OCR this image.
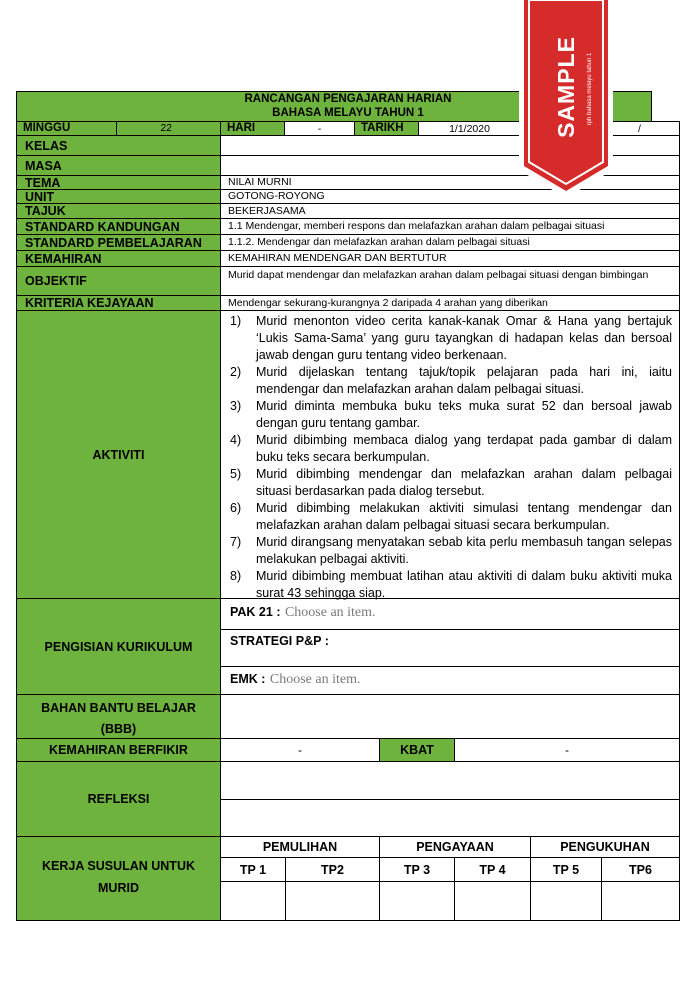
RANCANGAN PENGAJARAN HARIAN
BAHASA MELAYU TAHUN 1
MINGGU	22	HARI	-	TARIKH	1/1/2020	/
KELAS
MASA
TEMA	NILAI MURNI
UNIT	GOTONG-ROYONG
TAJUK	BEKERJASAMA
STANDARD KANDUNGAN	1.1 Mendengar, memberi respons dan melafazkan arahan dalam pelbagai situasi
STANDARD PEMBELAJARAN	1.1.2. Mendengar dan melafazkan arahan dalam pelbagai situasi
KEMAHIRAN	KEMAHIRAN MENDENGAR DAN BERTUTUR
OBJEKTIF	Murid dapat mendengar dan melafazkan arahan dalam pelbagai situasi dengan bimbingan
KRITERIA KEJAYAAN	Mendengar sekurang-kurangnya 2 daripada 4 arahan yang diberikan
AKTIVITI
1)	Murid menonton video cerita kanak-kanak Omar & Hana yang bertajuk ‘Lukis Sama-Sama’ yang guru tayangkan di hadapan kelas dan bersoal jawab dengan guru tentang video berkenaan.
2)	Murid dijelaskan tentang tajuk/topik pelajaran pada hari ini, iaitu mendengar dan melafazkan arahan dalam pelbagai situasi.
3)	Murid diminta membuka buku teks muka surat 52 dan bersoal jawab dengan guru tentang gambar.
4)	Murid dibimbing membaca dialog yang terdapat pada gambar di dalam buku teks secara berkumpulan.
5)	Murid dibimbing mendengar dan melafazkan arahan dalam pelbagai situasi berdasarkan pada dialog tersebut.
6)	Murid dibimbing melakukan aktiviti simulasi tentang mendengar dan melafazkan arahan dalam pelbagai situasi secara berkumpulan.
7)	Murid dirangsang menyatakan sebab kita perlu membasuh tangan selepas melakukan pelbagai aktiviti.
8)	Murid dibimbing membuat latihan atau aktiviti di dalam buku aktiviti muka surat 43 sehingga siap.
PENGISIAN KURIKULUM
PAK 21 : Choose an item.
STRATEGI P&P :
EMK : Choose an item.
BAHAN BANTU BELAJAR
(BBB)
KEMAHIRAN BERFIKIR	-	KBAT	-
REFLEKSI
KERJA SUSULAN UNTUK
MURID
PEMULIHAN	PENGAYAAN	PENGUKUHAN
TP 1	TP2	TP 3	TP 4	TP 5	TP6
SAMPLE	rph bahasa melayu tahun 1
